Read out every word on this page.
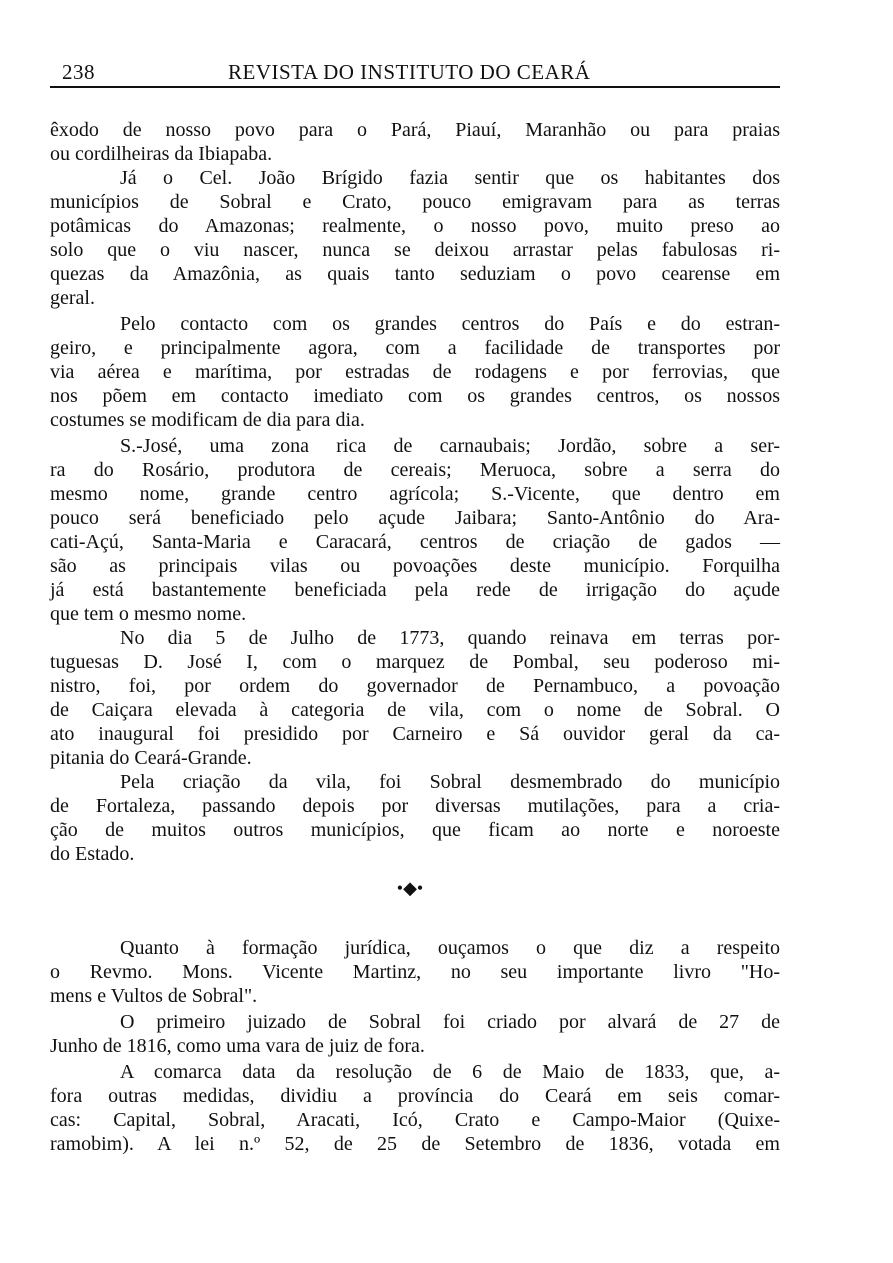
238	REVISTA DO INSTITUTO DO CEARÁ
êxodo de nosso povo para o Pará, Piauí, Maranhão ou para praias
ou cordilheiras da Ibiapaba.
Já o Cel. João Brígido fazia sentir que os habitantes dos
municípios de Sobral e Crato, pouco emigravam para as terras
potâmicas do Amazonas; realmente, o nosso povo, muito preso ao
solo que o viu nascer, nunca se deixou arrastar pelas fabulosas ri-
quezas da Amazônia, as quais tanto seduziam o povo cearense em
geral.
Pelo contacto com os grandes centros do País e do estran-
geiro, e principalmente agora, com a facilidade de transportes por
via aérea e marítima, por estradas de rodagens e por ferrovias, que
nos põem em contacto imediato com os grandes centros, os nossos
costumes se modificam de dia para dia.
S.-José, uma zona rica de carnaubais; Jordão, sobre a ser-
ra do Rosário, produtora de cereais; Meruoca, sobre a serra do
mesmo nome, grande centro agrícola; S.-Vicente, que dentro em
pouco será beneficiado pelo açude Jaibara; Santo-Antônio do Ara-
cati-Açú, Santa-Maria e Caracará, centros de criação de gados —
são as principais vilas ou povoações deste município. Forquilha
já está bastantemente beneficiada pela rede de irrigação do açude
que tem o mesmo nome.
No dia 5 de Julho de 1773, quando reinava em terras por-
tuguesas D. José I, com o marquez de Pombal, seu poderoso mi-
nistro, foi, por ordem do governador de Pernambuco, a povoação
de Caiçara elevada à categoria de vila, com o nome de Sobral. O
ato inaugural foi presidido por Carneiro e Sá ouvidor geral da ca-
pitania do Ceará-Grande.
Pela criação da vila, foi Sobral desmembrado do município
de Fortaleza, passando depois por diversas mutilações, para a cria-
ção de muitos outros municípios, que ficam ao norte e noroeste
do Estado.
•◆•
Quanto à formação jurídica, ouçamos o que diz a respeito
o Revmo. Mons. Vicente Martinz, no seu importante livro "Ho-
mens e Vultos de Sobral".
O primeiro juizado de Sobral foi criado por alvará de 27 de
Junho de 1816, como uma vara de juiz de fora.
A comarca data da resolução de 6 de Maio de 1833, que, a-
fora outras medidas, dividiu a província do Ceará em seis comar-
cas: Capital, Sobral, Aracati, Icó, Crato e Campo-Maior (Quixe-
ramobim). A lei n.º 52, de 25 de Setembro de 1836, votada em
